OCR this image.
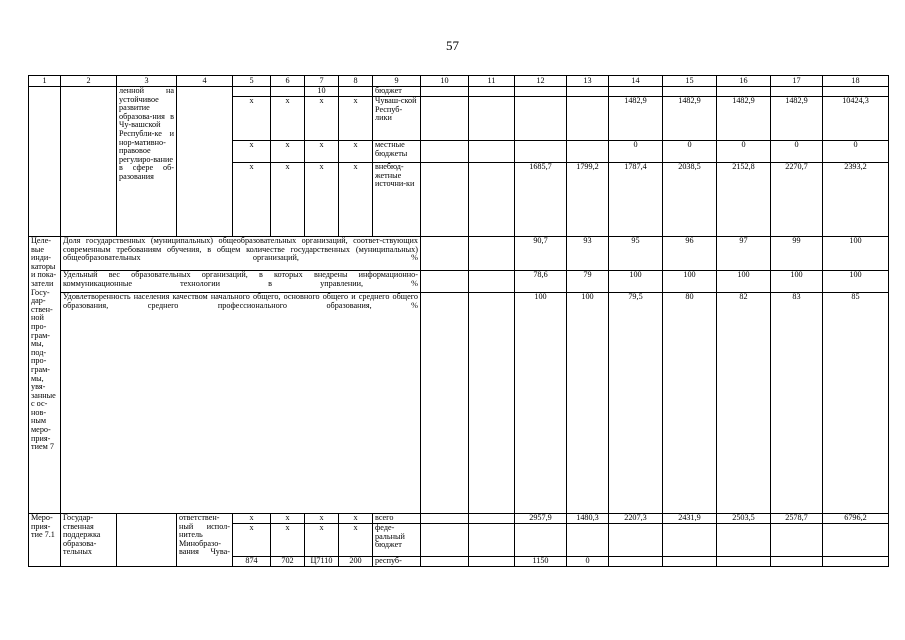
57
1	2	3	4	5	6	7	8	9	10	11	12	13	14	15	16	17	18
		ленной на устойчивое развитие образова-ния в Чу-вашской Республи-ке и нор-мативно-правовое регулиро-вание в сфере об-разования				10		бюджет									
				х	х	х	х	Чуваш-ской Респуб-лики					1482,9	1482,9	1482,9	1482,9	10424,3
				х	х	х	х	местные бюджеты					0	0	0	0	0
				х	х	х	х	внебюд-жетные источни-ки			1685,7	1799,2	1787,4	2038,5	2152,8	2270,7	2393,2
Целе-вые инди-каторы и пока-затели Госу-дар-ствен-ной про-грам-мы, под-про-грам-мы, увя-занные с ос-нов-ным меро-прия-тием 7	Доля государственных (муниципальных) общеобразовательных организаций, соответ-ствующих современным требованиям обучения, в общем количестве государственных (муниципальных) общеобразовательных организаций, %										90,7	93	95	96	97	99	100
	Удельный вес образовательных организаций, в которых внедрены информационно-коммуникационные технологии в управлении, %										78,6	79	100	100	100	100	100
	Удовлетворенность населения качеством начального общего, основного общего и среднего общего образования, среднего профессионального образования, %										100	100	79,5	80	82	83	85
Меро-прия-тие 7.1	Государ-ственная поддержка образова-тельных		ответствен-ный испол-нитель Минобразо-вания Чува-	х	х	х	х	всего			2957,9	1480,3	2207,3	2431,9	2503,5	2578,7	6796,2
				х	х	х	х	феде-ральный бюджет									
				874	702	Ц7110	200	респуб-			1150	0					
